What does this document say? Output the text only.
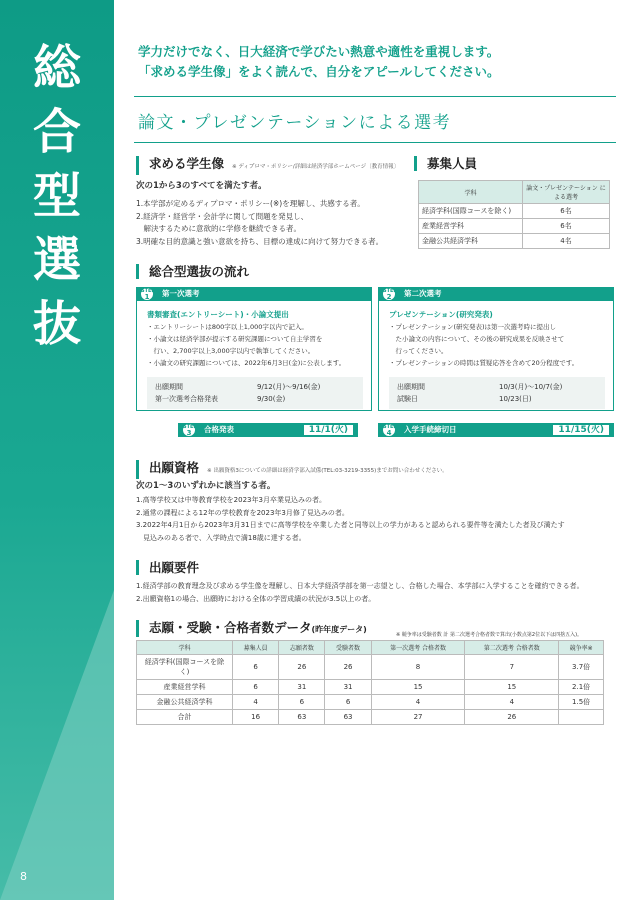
総
合
型
選
抜
8
学力だけでなく、日大経済で学びたい熱意や適性を重視します。
「求める学生像」をよく読んで、自分をアピールしてください。
論文・プレゼンテーションによる選考
求める学生像 ※ ディプロマ・ポリシー/詳細は経済学部ホームページ〔教育情報〕
次の1から3のすべてを満たす者。
1.本学部が定めるディプロマ・ポリシー(※)を理解し、共感する者。
2.経済学・経営学・会計学に関して問題を発見し、
　解決するために意欲的に学修を継続できる者。
3.明確な目的意識と強い意欲を持ち、目標の達成に向けて努力できる者。
募集人員
学科	論文・プレゼンテーション による選考
経済学科(国際コースを除く)	6名
産業経営学科	6名
金融公共経済学科	4名
総合型選抜の流れ
STEP
1	第一次選考	STEP
2	第二次選考
書類審査(エントリーシート)・小論文提出
・エントリーシートは800字以上1,000字以内で記入。
・小論文は経済学部が提示する研究課題について自主学習を
　行い、2,700字以上3,000字以内で執筆してください。
・小論文の研究課題については、2022年6月3日(金)に公表します。
出願期間	9/12(月)〜9/16(金)
第一次選考合格発表	9/30(金)
プレゼンテーション(研究発表)
・プレゼンテーション(研究発表)は第一次選考時に提出し
　た小論文の内容について、その後の研究成果を反映させて
　行ってください。
・プレゼンテーションの時間は質疑応答を含めて20分程度です。
出願期間	10/3(月)〜10/7(金)
試験日	10/23(日)
STEP
3	合格発表	11/1(火)	STEP
4	入学手続締切日	11/15(火)
出願資格 ※ 出願資格3についての詳細は経済学部入試係(TEL:03-3219-3355)までお問い合わせください。
次の1〜3のいずれかに該当する者。
1.高等学校又は中等教育学校を2023年3月卒業見込みの者。
2.通常の課程による12年の学校教育を2023年3月修了見込みの者。
3.2022年4月1日から2023年3月31日までに高等学校を卒業した者と同等以上の学力があると認められる要件等を満たした者及び満たす
　見込みのある者で、入学時点で満18歳に達する者。
出願要件
1.経済学部の教育理念及び求める学生像を理解し、日本大学経済学部を第一志望とし、合格した場合、本学部に入学することを確約できる者。
2.出願資格1の場合、出願時における全体の学習成績の状況が3.5以上の者。
志願・受験・合格者数データ(昨年度データ)
※ 競争率は受験者数 計 第二次選考合格者数で算出(小数点第2位以下は四捨五入)。
学科	募集人員	志願者数	受験者数	第一次選考 合格者数	第二次選考 合格者数	競争率※
経済学科(国際コースを除く)	6	26	26	8	7	3.7倍
産業経営学科	6	31	31	15	15	2.1倍
金融公共経済学科	4	6	6	4	4	1.5倍
合計	16	63	63	27	26	
